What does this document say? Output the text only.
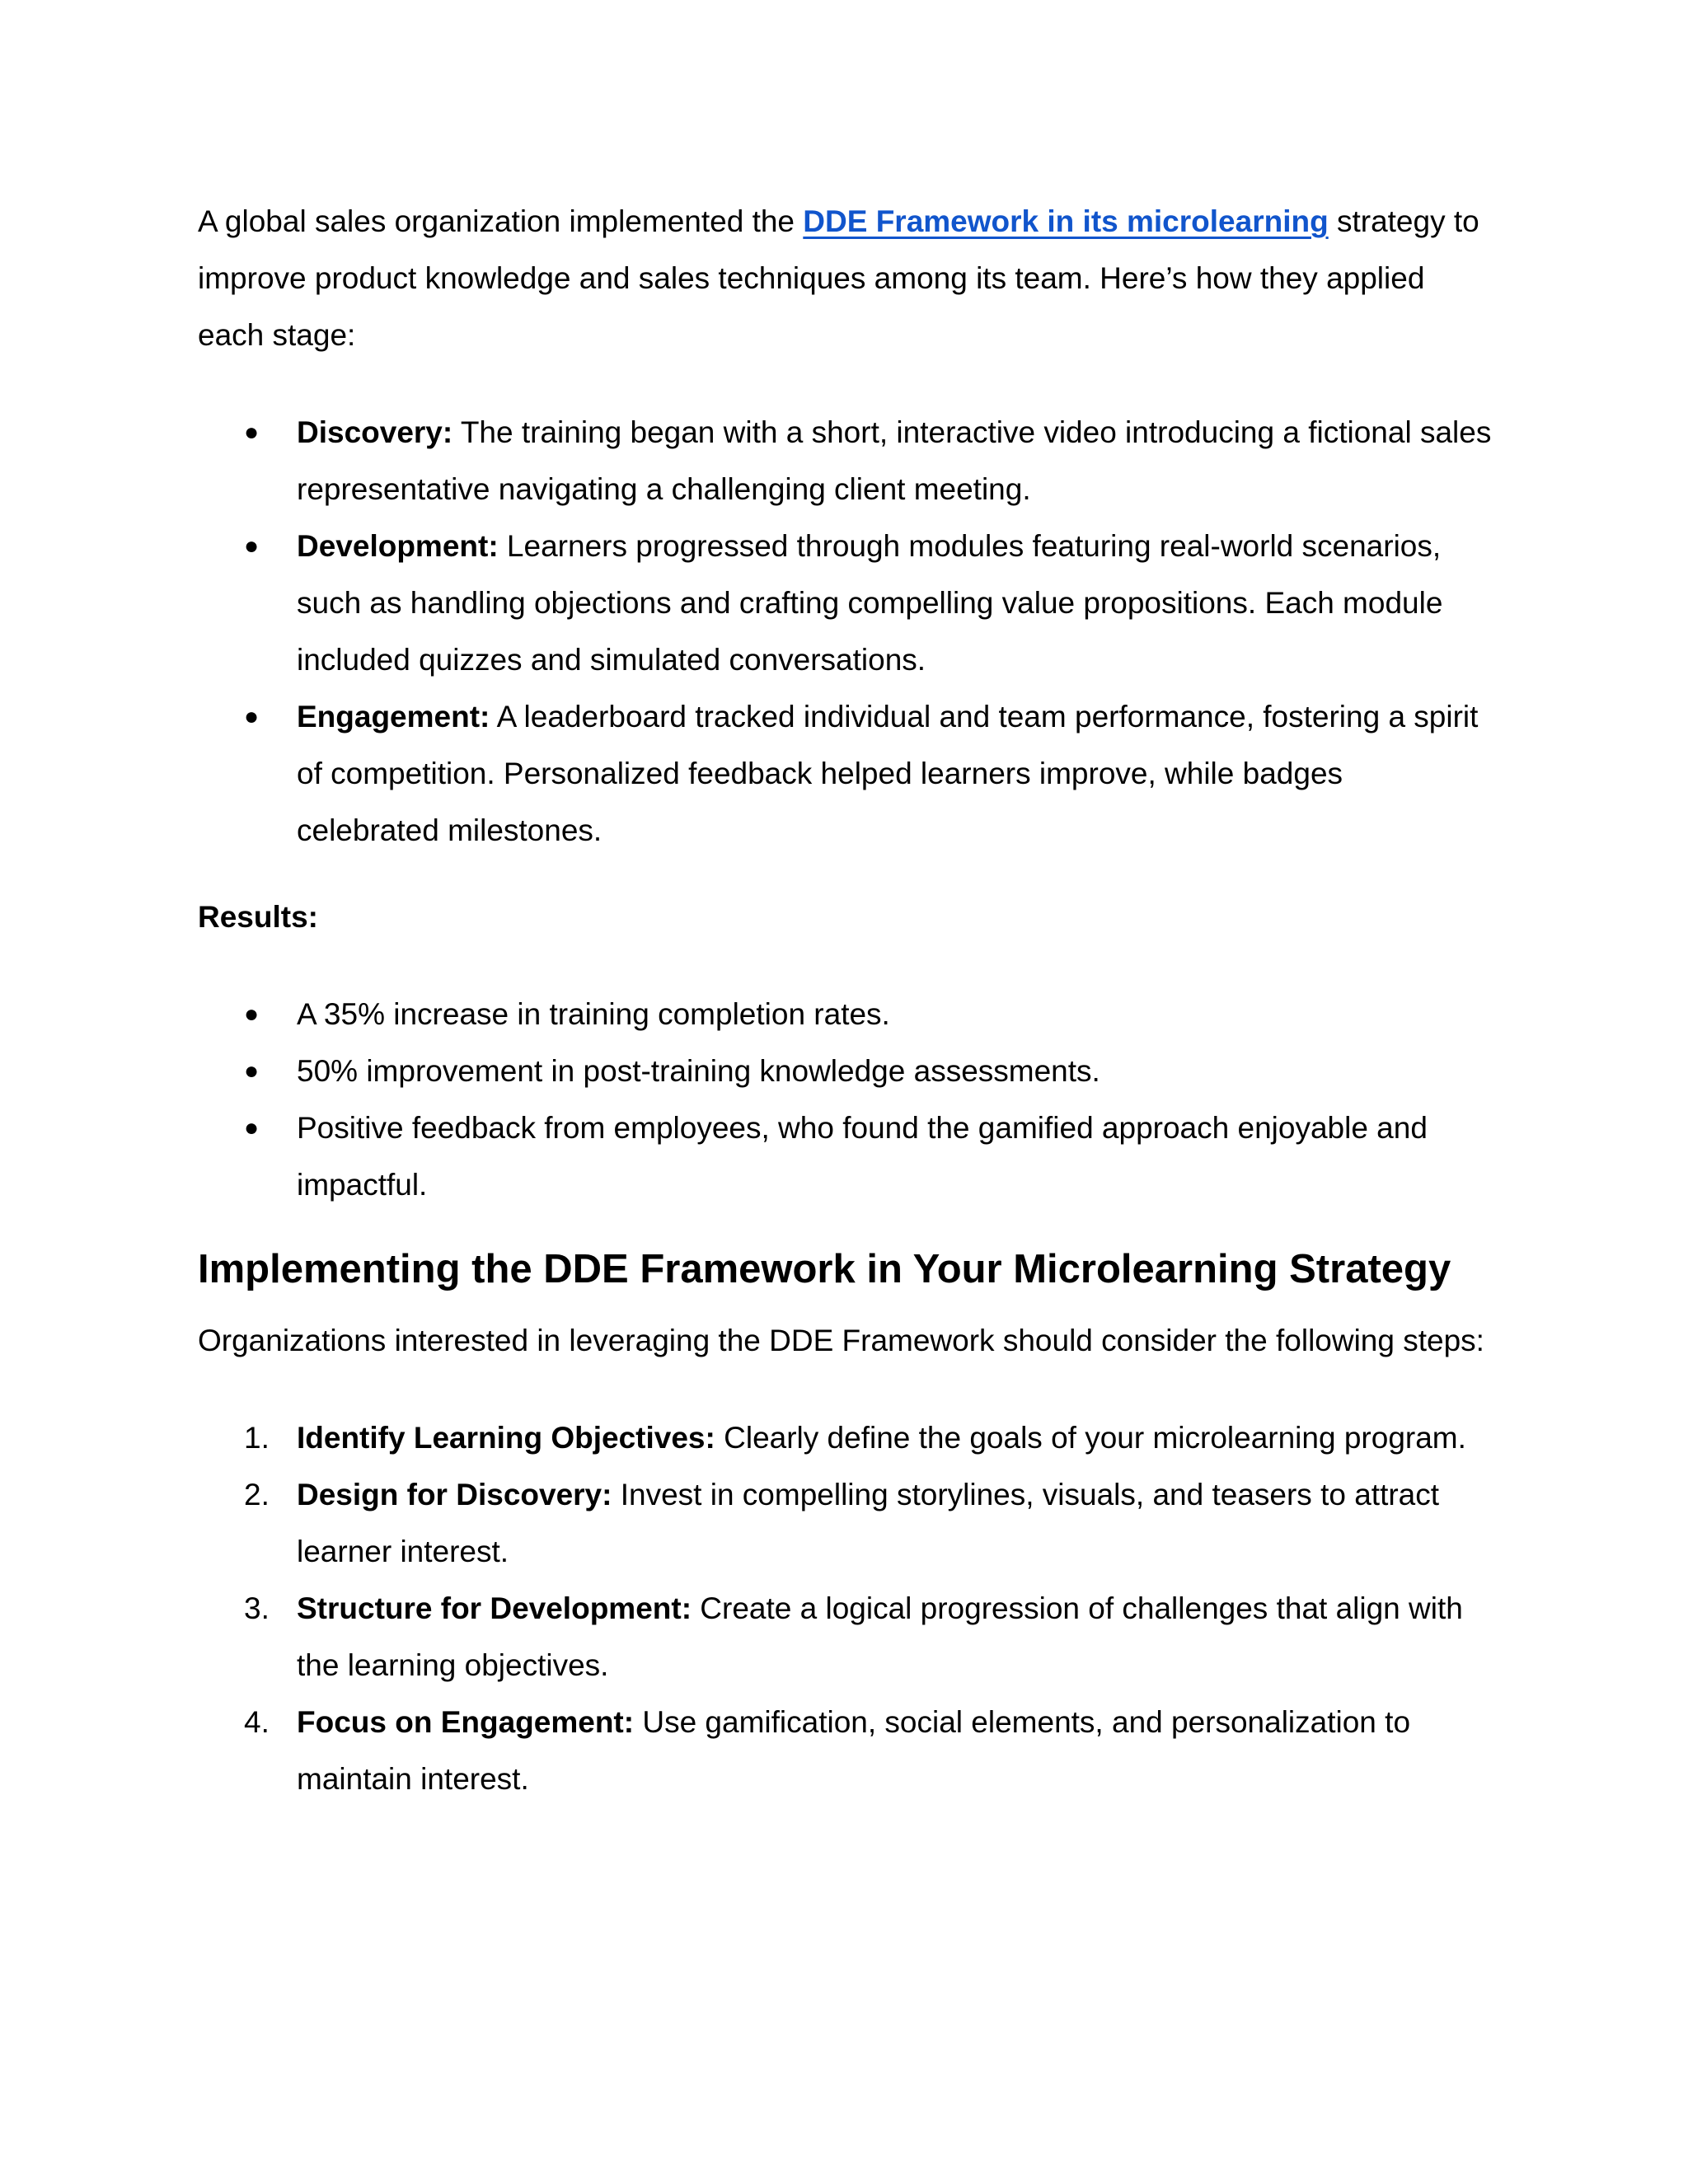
A global sales organization implemented the DDE Framework in its microlearning strategy to improve product knowledge and sales techniques among its team. Here’s how they applied each stage:

●	Discovery: The training began with a short, interactive video introducing a fictional sales representative navigating a challenging client meeting.
●	Development: Learners progressed through modules featuring real-world scenarios, such as handling objections and crafting compelling value propositions. Each module included quizzes and simulated conversations.
●	Engagement: A leaderboard tracked individual and team performance, fostering a spirit of competition. Personalized feedback helped learners improve, while badges celebrated milestones.

Results:

●	A 35% increase in training completion rates.
●	50% improvement in post-training knowledge assessments.
●	Positive feedback from employees, who found the gamified approach enjoyable and impactful.
Implementing the DDE Framework in Your Microlearning Strategy

Organizations interested in leveraging the DDE Framework should consider the following steps:

1. Identify Learning Objectives: Clearly define the goals of your microlearning program.
2. Design for Discovery: Invest in compelling storylines, visuals, and teasers to attract learner interest.
3. Structure for Development: Create a logical progression of challenges that align with the learning objectives.
4. Focus on Engagement: Use gamification, social elements, and personalization to maintain interest.
